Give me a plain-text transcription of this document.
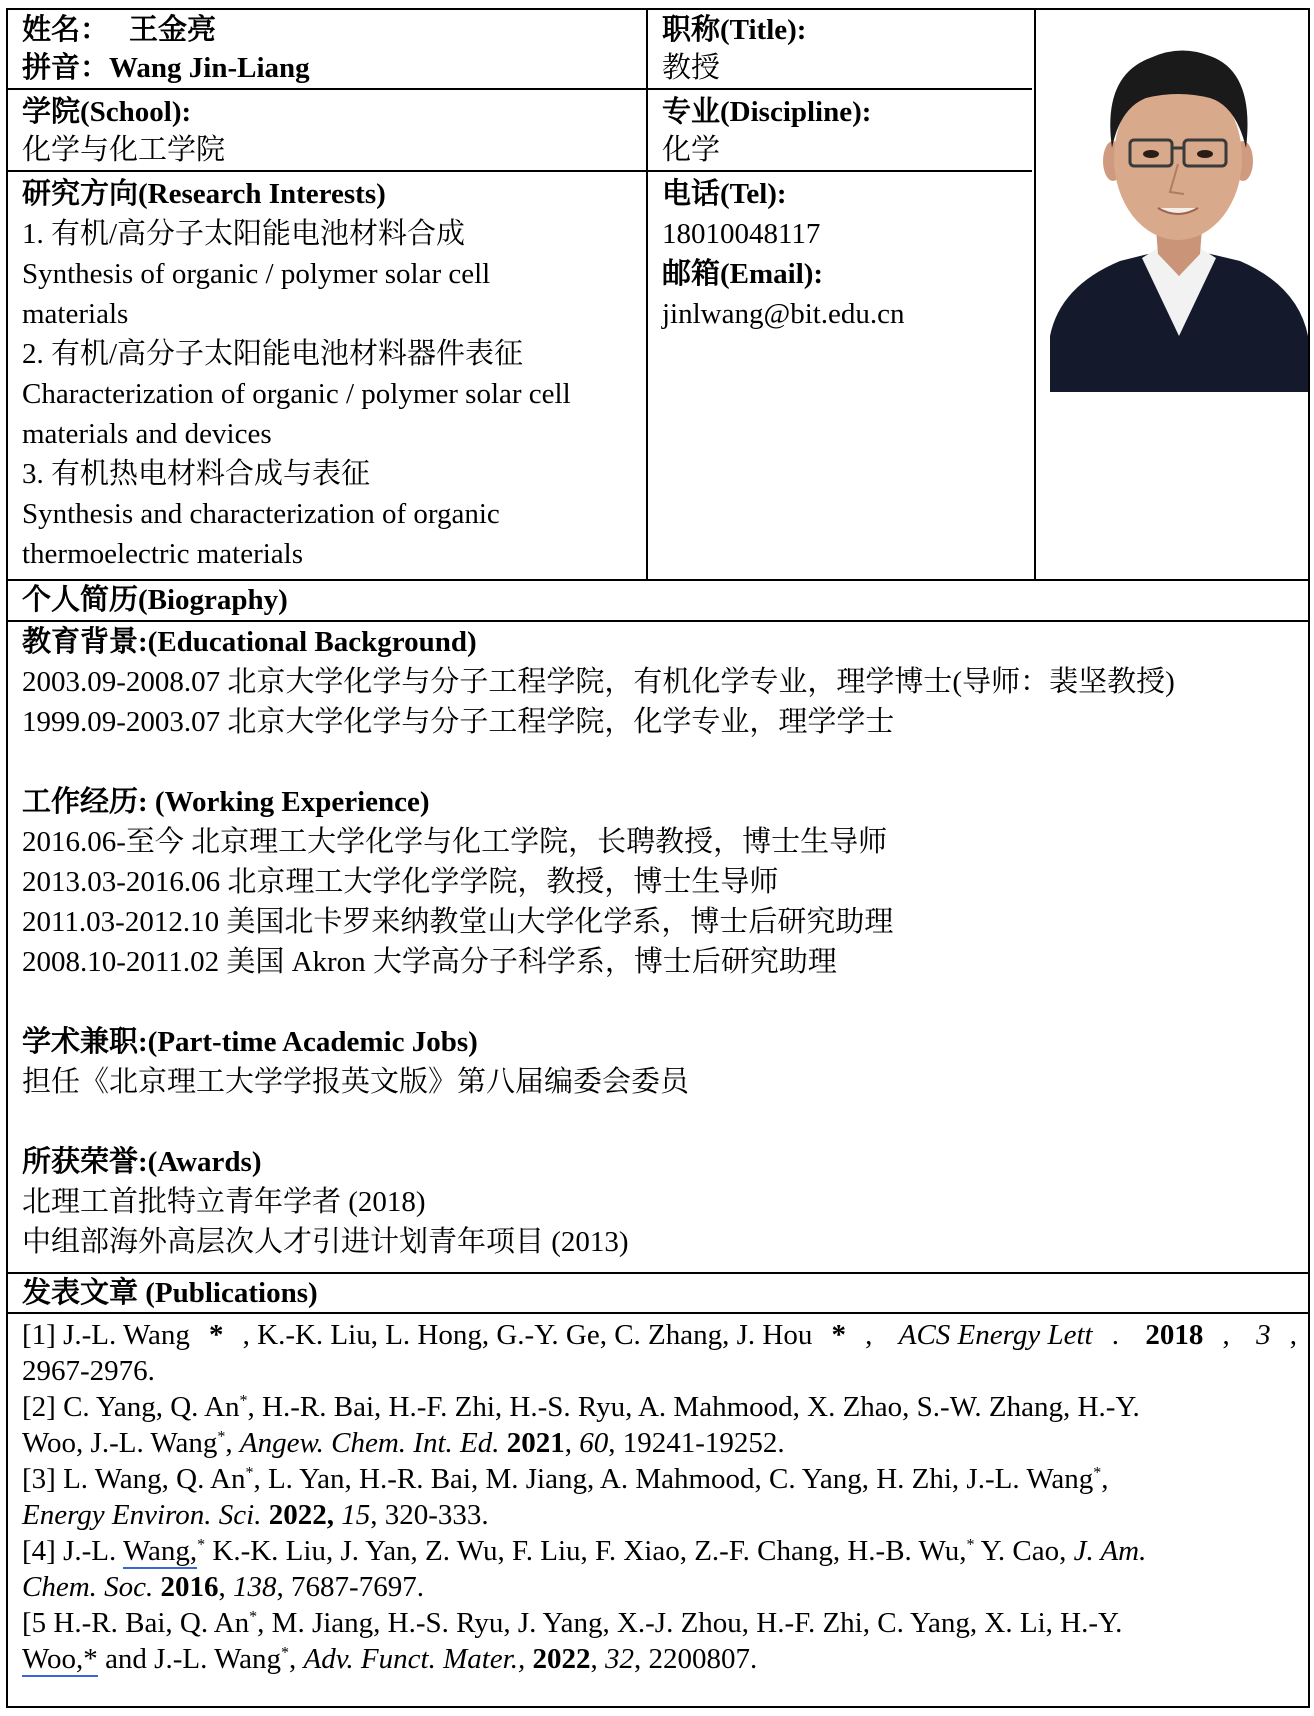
姓名： 王金亮
拼音：Wang Jin-Liang
职称(Title):
教授
学院(School):
化学与化工学院
专业(Discipline):
化学
研究方向(Research Interests)
1. 有机/高分子太阳能电池材料合成
Synthesis of organic / polymer solar cell
materials
2. 有机/高分子太阳能电池材料器件表征
Characterization of organic / polymer solar cell
materials and devices
3. 有机热电材料合成与表征
Synthesis and characterization of organic
thermoelectric materials
电话(Tel):
18010048117
邮箱(Email):
jinlwang@bit.edu.cn
个人简历(Biography)
教育背景:(Educational Background)
2003.09-2008.07 北京大学化学与分子工程学院，有机化学专业，理学博士(导师：裴坚教授)
1999.09-2003.07 北京大学化学与分子工程学院，化学专业，理学学士
工作经历: (Working Experience)
2016.06-至今 北京理工大学化学与化工学院，长聘教授，博士生导师
2013.03-2016.06 北京理工大学化学学院，教授，博士生导师
2011.03-2012.10 美国北卡罗来纳教堂山大学化学系，博士后研究助理
2008.10-2011.02 美国 Akron 大学高分子科学系，博士后研究助理
学术兼职:(Part-time Academic Jobs)
担任《北京理工大学学报英文版》第八届编委会委员
所获荣誉:(Awards)
北理工首批特立青年学者 (2018)
中组部海外高层次人才引进计划青年项目 (2013)
发表文章 (Publications)
[1] J.-L. Wang * , K.-K. Liu, L. Hong, G.-Y. Ge, C. Zhang, J. Hou * , ACS Energy Lett . 2018 , 3 ,
2967-2976.
[2] C. Yang, Q. An*, H.-R. Bai, H.-F. Zhi, H.-S. Ryu, A. Mahmood, X. Zhao, S.-W. Zhang, H.-Y.
Woo, J.-L. Wang*, Angew. Chem. Int. Ed. 2021, 60, 19241-19252.
[3] L. Wang, Q. An*, L. Yan, H.-R. Bai, M. Jiang, A. Mahmood, C. Yang, H. Zhi, J.-L. Wang*,
Energy Environ. Sci. 2022, 15, 320-333.
[4] J.-L. Wang,* K.-K. Liu, J. Yan, Z. Wu, F. Liu, F. Xiao, Z.-F. Chang, H.-B. Wu,* Y. Cao, J. Am.
Chem. Soc. 2016, 138, 7687-7697.
[5 H.-R. Bai, Q. An*, M. Jiang, H.-S. Ryu, J. Yang, X.-J. Zhou, H.-F. Zhi, C. Yang, X. Li, H.-Y.
Woo,* and J.-L. Wang*, Adv. Funct. Mater., 2022, 32, 2200807.
